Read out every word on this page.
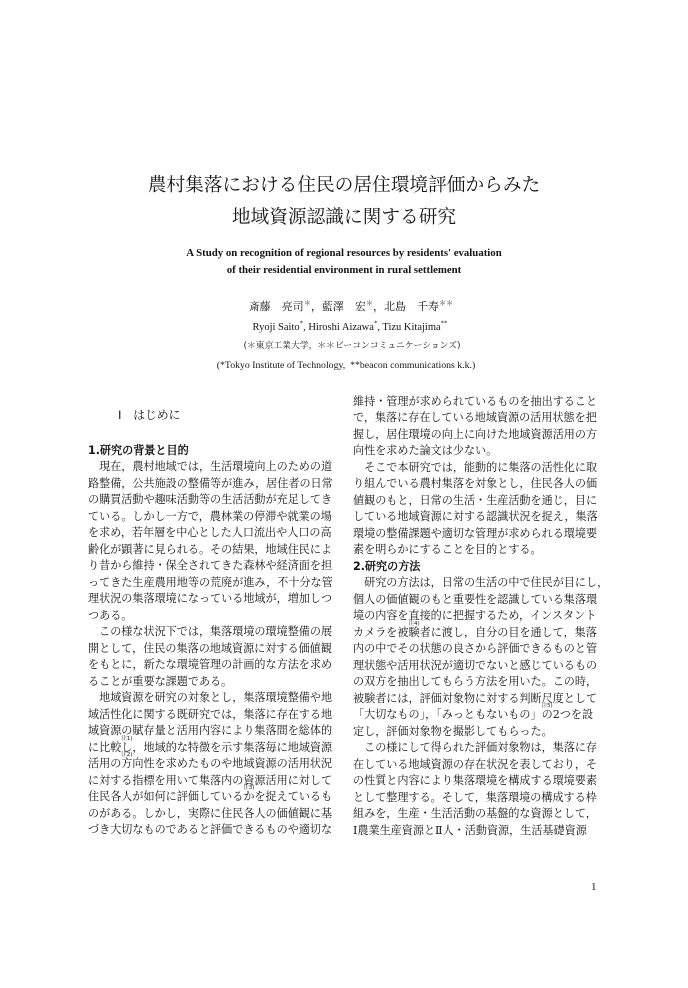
農村集落における住民の居住環境評価からみた
地域資源認識に関する研究
A Study on recognition of regional resources by residents' evaluation
of their residential environment in rural settlement
斎藤　亮司＊，藍澤　宏＊，北島　千寿＊＊
Ryoji Saito*, Hiroshi Aizawa*, Tizu Kitajima**
(＊東京工業大学，＊＊ビーコンコミュニケーションズ)
(*Tokyo Institute of Technology,  **beacon communications k.k.)
Ⅰ　はじめに
1.研究の背景と目的
現在，農村地域では，生活環境向上のための道
路整備，公共施設の整備等が進み，居住者の日常
の購買活動や趣味活動等の生活活動が充足してき
ている。しかし一方で，農林業の停滞や就業の場
を求め，若年層を中心とした人口流出や人口の高
齢化が顕著に見られる。その結果，地域住民によ
り昔から維持・保全されてきた森林や経済面を担
ってきた生産農用地等の荒廃が進み，不十分な管
理状況の集落環境になっている地域が，増加しつ
つある。
この様な状況下では，集落環境の環境整備の展
開として，住民の集落の地域資源に対する価値観
をもとに，新たな環境管理の計画的な方法を求め
ることが重要な課題である。
地域資源を研究の対象とし，集落環境整備や地
域活性化に関する既研究では，集落に存在する地
域資源の賦存量と活用内容により集落間を総体的
に比較し
注1)
，地域的な特徴を示す集落毎に地域資源
活用の方
注2)
向性を求めたものや地域資源の活用状況
に対する指標を用いて集落内の資源活用に対して
住民各人が如何に評価しているか
注3)
を捉えているも
のがある。しかし，実際に住民各人の価値観に基
づき大切なものであると評価できるものや適切な
維持・管理が求められているものを抽出すること
で，集落に存在している地域資源の活用状態を把
握し，居住環境の向上に向けた地域資源活用の方
向性を求めた論文は少ない。
そこで本研究では，能動的に集落の活性化に取
り組んでいる農村集落を対象とし，住民各人の価
値観のもと，日常の生活・生産活動を通じ，目に
している地域資源に対する認識状況を捉え，集落
環境の整備課題や適切な管理が求められる環境要
素を明らかにすることを目的とする。
2.研究の方法
研究の方法は，日常の生活の中で住民が目にし，
個人の価値観のもと重要性を認識している集落環
境の内容を直接的に把握するため，インスタント
カメラを被験
注4)
者に渡し，自分の目を通して，集落
内の中でその状態の良さから評価できるものと管
理状態や活用状況が適切でないと感じているもの
の双方を抽出してもらう方法を用いた。この時，
被験者には，評価対象物に対する判断尺度として
「大切なもの」，「みっともないもの」の
注5)
2つを設
定し，評価対象物を撮影してもらった。
この様にして得られた評価対象物は，集落に存
在している地域資源の存在状況を表しており，そ
の性質と内容により集落環境を構成する環境要素
として整理する。そして，集落環境の構成する枠
組みを，生産・生活活動の基盤的な資源として，
Ⅰ農業生産資源とⅡ人・活動資源，生活基礎資源
1
